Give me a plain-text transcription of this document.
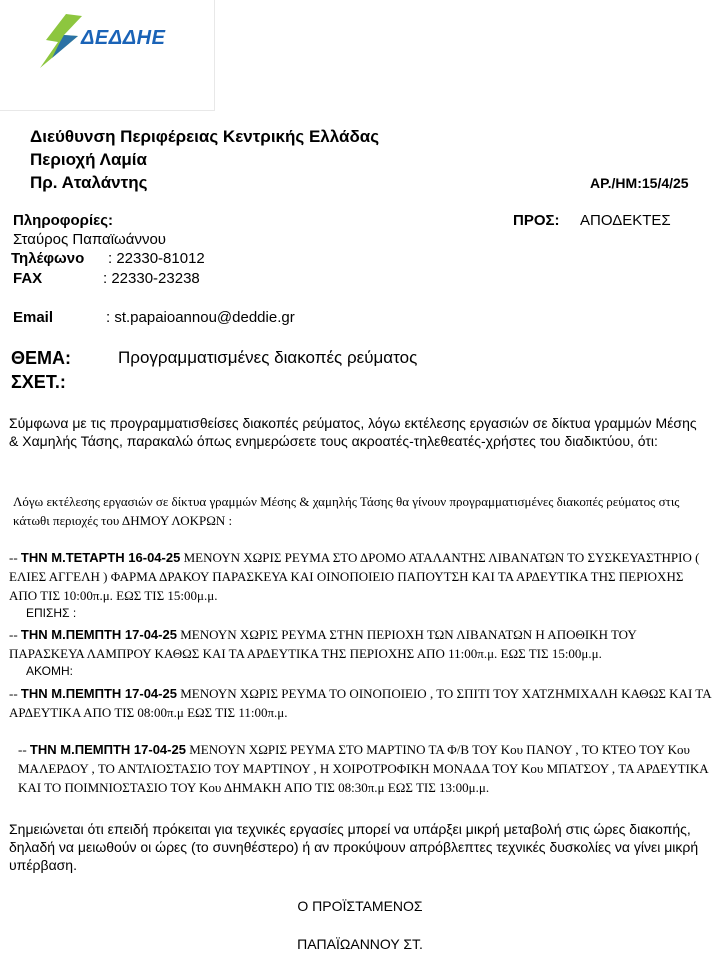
ΔΕΔΔΗΕ
Διεύθυνση Περιφέρειας Κεντρικής Ελλάδας
Περιοχή Λαμία
Πρ. Αταλάντης	ΑΡ./ΗΜ:15/4/25
Πληροφορίες:
Σταύρος Παπαϊωάννου
Τηλέφωνο : 22330-81012
FAX	: 22330-23238
Email	: st.papaioannou@deddie.gr
ΠΡΟΣ: ΑΠΟΔΕΚΤΕΣ
ΘΕΜΑ:	Προγραμματισμένες διακοπές ρεύματος
ΣΧΕΤ.:
Σύμφωνα με τις προγραμματισθείσες διακοπές ρεύματος, λόγω εκτέλεσης εργασιών σε δίκτυα γραμμών Μέσης & Χαμηλής Τάσης, παρακαλώ όπως ενημερώσετε τους ακροατές-τηλεθεατές-χρήστες του διαδικτύου, ότι:
Λόγω εκτέλεσης εργασιών σε δίκτυα γραμμών Μέσης & χαμηλής Τάσης θα γίνουν προγραμματισμένες διακοπές ρεύματος στις κάτωθι περιοχές του ΔΗΜΟΥ ΛΟΚΡΩΝ :
-- ΤΗΝ Μ.ΤΕΤΑΡΤΗ 16-04-25 ΜΕΝΟΥΝ ΧΩΡΙΣ ΡΕΥΜΑ ΣΤΟ ΔΡΟΜΟ ΑΤΑΛΑΝΤΗΣ ΛΙΒΑΝΑΤΩΝ ΤΟ ΣΥΣΚΕΥΑΣΤΗΡΙΟ ( ΕΛΙΕΣ ΑΓΓΕΛΗ ) ΦΑΡΜΑ ΔΡΑΚΟΥ ΠΑΡΑΣΚΕΥΑ ΚΑΙ ΟΙΝΟΠΟΙΕΙΟ ΠΑΠΟΥΤΣΗ ΚΑΙ ΤΑ ΑΡΔΕΥΤΙΚΑ ΤΗΣ ΠΕΡΙΟΧΗΣ ΑΠΟ ΤΙΣ 10:00π.μ. ΕΩΣ ΤΙΣ 15:00μ.μ.
ΕΠΙΣΗΣ :
-- ΤΗΝ Μ.ΠΕΜΠΤΗ 17-04-25 ΜΕΝΟΥΝ ΧΩΡΙΣ ΡΕΥΜΑ ΣΤΗΝ ΠΕΡΙΟΧΗ ΤΩΝ ΛΙΒΑΝΑΤΩΝ Η ΑΠΟΘΙΚΗ ΤΟΥ ΠΑΡΑΣΚΕΥΑ ΛΑΜΠΡΟΥ ΚΑΘΩΣ ΚΑΙ ΤΑ ΑΡΔΕΥΤΙΚΑ ΤΗΣ ΠΕΡΙΟΧΗΣ ΑΠΟ 11:00π.μ. ΕΩΣ ΤΙΣ 15:00μ.μ.
ΑΚΟΜΗ:
-- ΤΗΝ Μ.ΠΕΜΠΤΗ 17-04-25 ΜΕΝΟΥΝ ΧΩΡΙΣ ΡΕΥΜΑ ΤΟ ΟΙΝΟΠΟΙΕΙΟ , ΤΟ ΣΠΙΤΙ ΤΟΥ ΧΑΤΖΗΜΙΧΑΛΗ ΚΑΘΩΣ ΚΑΙ ΤΑ ΑΡΔΕΥΤΙΚΑ ΑΠΟ ΤΙΣ 08:00π.μ ΕΩΣ ΤΙΣ 11:00π.μ.
-- ΤΗΝ Μ.ΠΕΜΠΤΗ 17-04-25 ΜΕΝΟΥΝ ΧΩΡΙΣ ΡΕΥΜΑ ΣΤΟ ΜΑΡΤΙΝΟ ΤΑ Φ/Β ΤΟΥ Κου ΠΑΝΟΥ , ΤΟ ΚΤΕΟ ΤΟΥ Κου ΜΑΛΕΡΔΟΥ , ΤΟ ΑΝΤΛΙΟΣΤΑΣΙΟ ΤΟΥ ΜΑΡΤΙΝΟΥ , Η ΧΟΙΡΟΤΡΟΦΙΚΗ ΜΟΝΑΔΑ ΤΟΥ Κου ΜΠΑΤΣΟΥ , ΤΑ ΑΡΔΕΥΤΙΚΑ ΚΑΙ ΤΟ ΠΟΙΜΝΙΟΣΤΑΣΙΟ ΤΟΥ Κου ΔΗΜΑΚΗ ΑΠΟ ΤΙΣ 08:30π.μ ΕΩΣ ΤΙΣ 13:00μ.μ.
Σημειώνεται ότι επειδή πρόκειται για τεχνικές εργασίες μπορεί να υπάρξει μικρή μεταβολή στις ώρες διακοπής, δηλαδή να μειωθούν οι ώρες (το συνηθέστερο) ή αν προκύψουν απρόβλεπτες τεχνικές δυσκολίες να γίνει μικρή υπέρβαση.
Ο ΠΡΟΪΣΤΑΜΕΝΟΣ
ΠΑΠΑΪΩΑΝΝΟΥ ΣΤ.
